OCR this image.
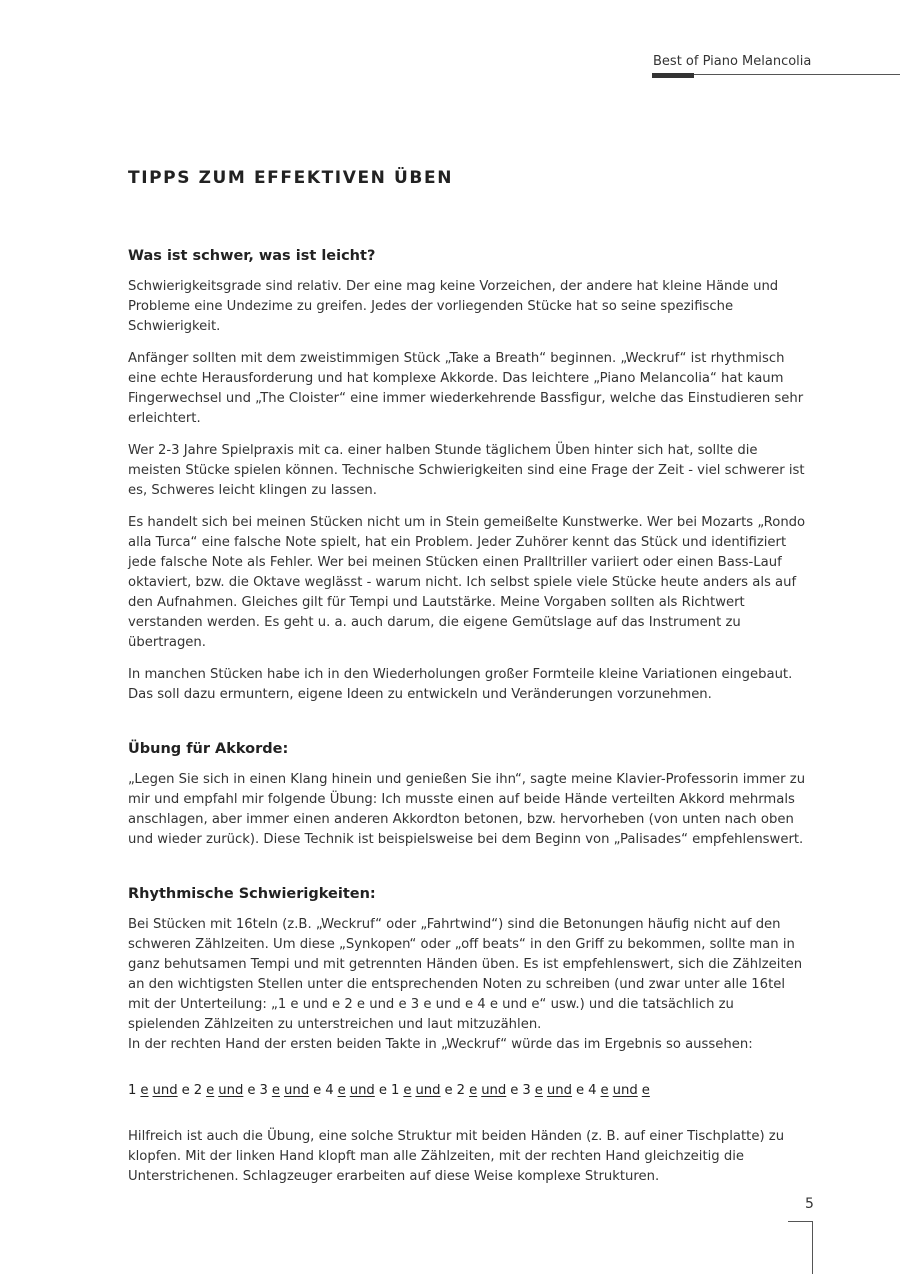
Best of Piano Melancolia
TIPPS ZUM EFFEKTIVEN ÜBEN
Was ist schwer, was ist leicht?

Schwierigkeitsgrade sind relativ. Der eine mag keine Vorzeichen, der andere hat kleine Hände und Probleme eine Undezime zu greifen. Jedes der vorliegenden Stücke hat so seine spezifische Schwierigkeit.

Anfänger sollten mit dem zweistimmigen Stück „Take a Breath“ beginnen. „Weckruf“ ist rhythmisch eine echte Herausforderung und hat komplexe Akkorde. Das leichtere „Piano Melancolia“ hat kaum Fingerwechsel und „The Cloister“ eine immer wiederkehrende Bassfigur, welche das Einstudieren sehr erleichtert.

Wer 2-3 Jahre Spielpraxis mit ca. einer halben Stunde täglichem Üben hinter sich hat, sollte die meisten Stücke spielen können. Technische Schwierigkeiten sind eine Frage der Zeit - viel schwerer ist es, Schweres leicht klingen zu lassen.

Es handelt sich bei meinen Stücken nicht um in Stein gemeißelte Kunstwerke. Wer bei Mozarts „Rondo alla Turca“ eine falsche Note spielt, hat ein Problem. Jeder Zuhörer kennt das Stück und identifiziert jede falsche Note als Fehler. Wer bei meinen Stücken einen Pralltriller variiert oder einen Bass-Lauf oktaviert, bzw. die Oktave weglässt - warum nicht. Ich selbst spiele viele Stücke heute anders als auf den Aufnahmen. Gleiches gilt für Tempi und Lautstärke. Meine Vorgaben sollten als Richtwert verstanden werden. Es geht u. a. auch darum, die eigene Gemütslage auf das Instrument zu übertragen.

In manchen Stücken habe ich in den Wiederholungen großer Formteile kleine Variationen eingebaut. Das soll dazu ermuntern, eigene Ideen zu entwickeln und Veränderungen vorzunehmen.

Übung für Akkorde:

„Legen Sie sich in einen Klang hinein und genießen Sie ihn“, sagte meine Klavier-Professorin immer zu mir und empfahl mir folgende Übung: Ich musste einen auf beide Hände verteilten Akkord mehrmals anschlagen, aber immer einen anderen Akkordton betonen, bzw. hervorheben (von unten nach oben und wieder zurück). Diese Technik ist beispielsweise bei dem Beginn von „Palisades“ empfehlenswert.

Rhythmische Schwierigkeiten:

Bei Stücken mit 16teln (z.B. „Weckruf“ oder „Fahrtwind“) sind die Betonungen häufig nicht auf den schweren Zählzeiten. Um diese „Synkopen“ oder „off beats“ in den Griff zu bekommen, sollte man in ganz behutsamen Tempi und mit getrennten Händen üben. Es ist empfehlenswert, sich die Zählzeiten an den wichtigsten Stellen unter die entsprechenden Noten zu schreiben (und zwar unter alle 16tel mit der Unterteilung: „1 e und e 2 e und e 3 e und e 4 e und e“ usw.) und die tatsächlich zu spielenden Zählzeiten zu unterstreichen und laut mitzuzählen.

In der rechten Hand der ersten beiden Takte in „Weckruf“ würde das im Ergebnis so aussehen:

1 e und e 2 e und e 3 e und e 4 e und e 1 e und e 2 e und e 3 e und e 4 e und e

Hilfreich ist auch die Übung, eine solche Struktur mit beiden Händen (z. B. auf einer Tischplatte) zu klopfen. Mit der linken Hand klopft man alle Zählzeiten, mit der rechten Hand gleichzeitig die Unterstrichenen. Schlagzeuger erarbeiten auf diese Weise komplexe Strukturen.

5
